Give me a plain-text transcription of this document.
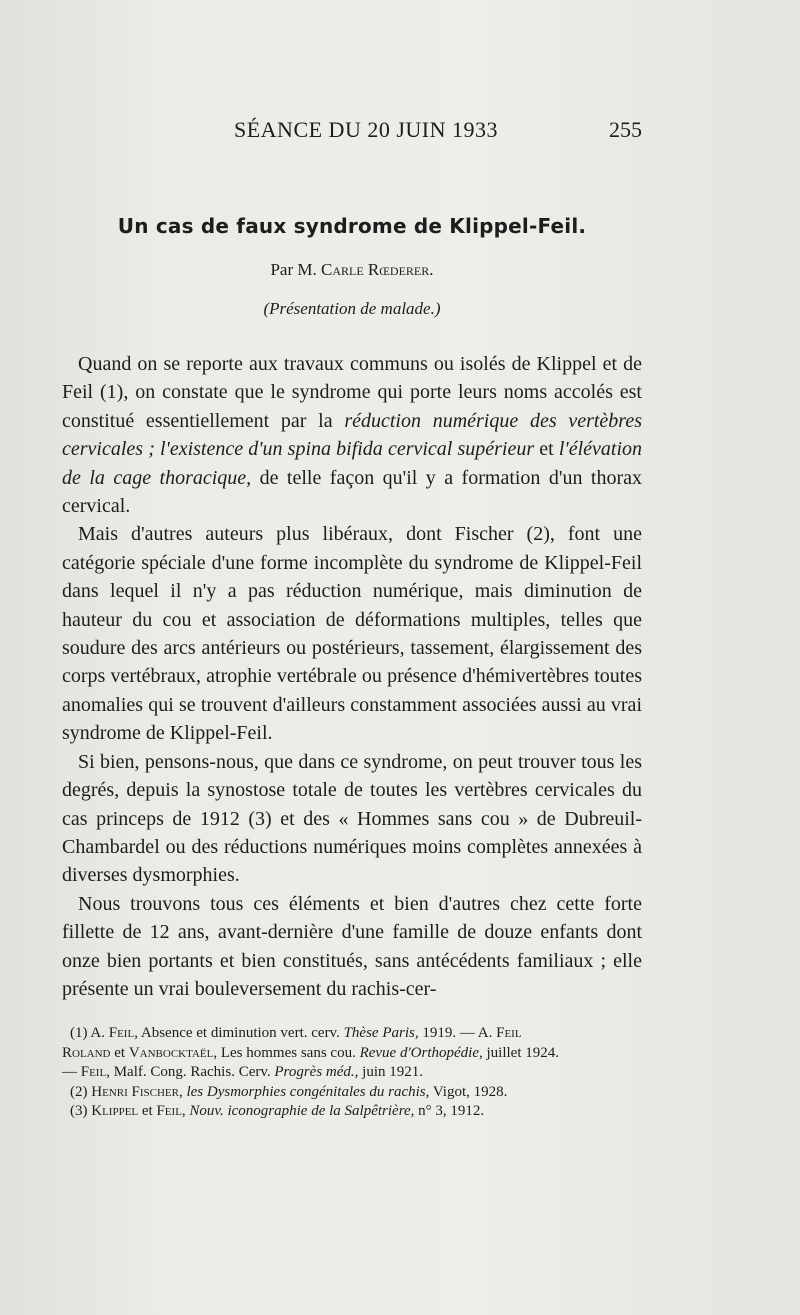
SÉANCE DU 20 JUIN 1933	255
Un cas de faux syndrome de Klippel-Feil.
Par M. Carle Rœderer.
(Présentation de malade.)

Quand on se reporte aux travaux communs ou isolés de Klippel et de Feil (1), on constate que le syndrome qui porte leurs noms accolés est constitué essentiellement par la réduction numérique des vertèbres cervicales ; l'existence d'un spina bifida cervical supérieur et l'élévation de la cage thoracique, de telle façon qu'il y a formation d'un thorax cervical.

Mais d'autres auteurs plus libéraux, dont Fischer (2), font une catégorie spéciale d'une forme incomplète du syndrome de Klippel-Feil dans lequel il n'y a pas réduction numérique, mais diminution de hauteur du cou et association de déformations multiples, telles que soudure des arcs antérieurs ou postérieurs, tassement, élargissement des corps vertébraux, atrophie vertébrale ou présence d'hémivertèbres toutes anomalies qui se trouvent d'ailleurs constamment associées aussi au vrai syndrome de Klippel-Feil.

Si bien, pensons-nous, que dans ce syndrome, on peut trouver tous les degrés, depuis la synostose totale de toutes les vertèbres cervicales du cas princeps de 1912 (3) et des « Hommes sans cou » de Dubreuil-Chambardel ou des réductions numériques moins complètes annexées à diverses dysmorphies.

Nous trouvons tous ces éléments et bien d'autres chez cette forte fillette de 12 ans, avant-dernière d'une famille de douze enfants dont onze bien portants et bien constitués, sans antécédents familiaux ; elle présente un vrai bouleversement du rachis-cer-

(1) A. Feil, Absence et diminution vert. cerv. Thèse Paris, 1919. — A. Feil
Roland et Vanbocktaël, Les hommes sans cou. Revue d'Orthopédie, juillet 1924.
— Feil, Malf. Cong. Rachis. Cerv. Progrès méd., juin 1921.

(2) Henri Fischer, les Dysmorphies congénitales du rachis, Vigot, 1928.

(3) Klippel et Feil, Nouv. iconographie de la Salpêtrière, n° 3, 1912.
